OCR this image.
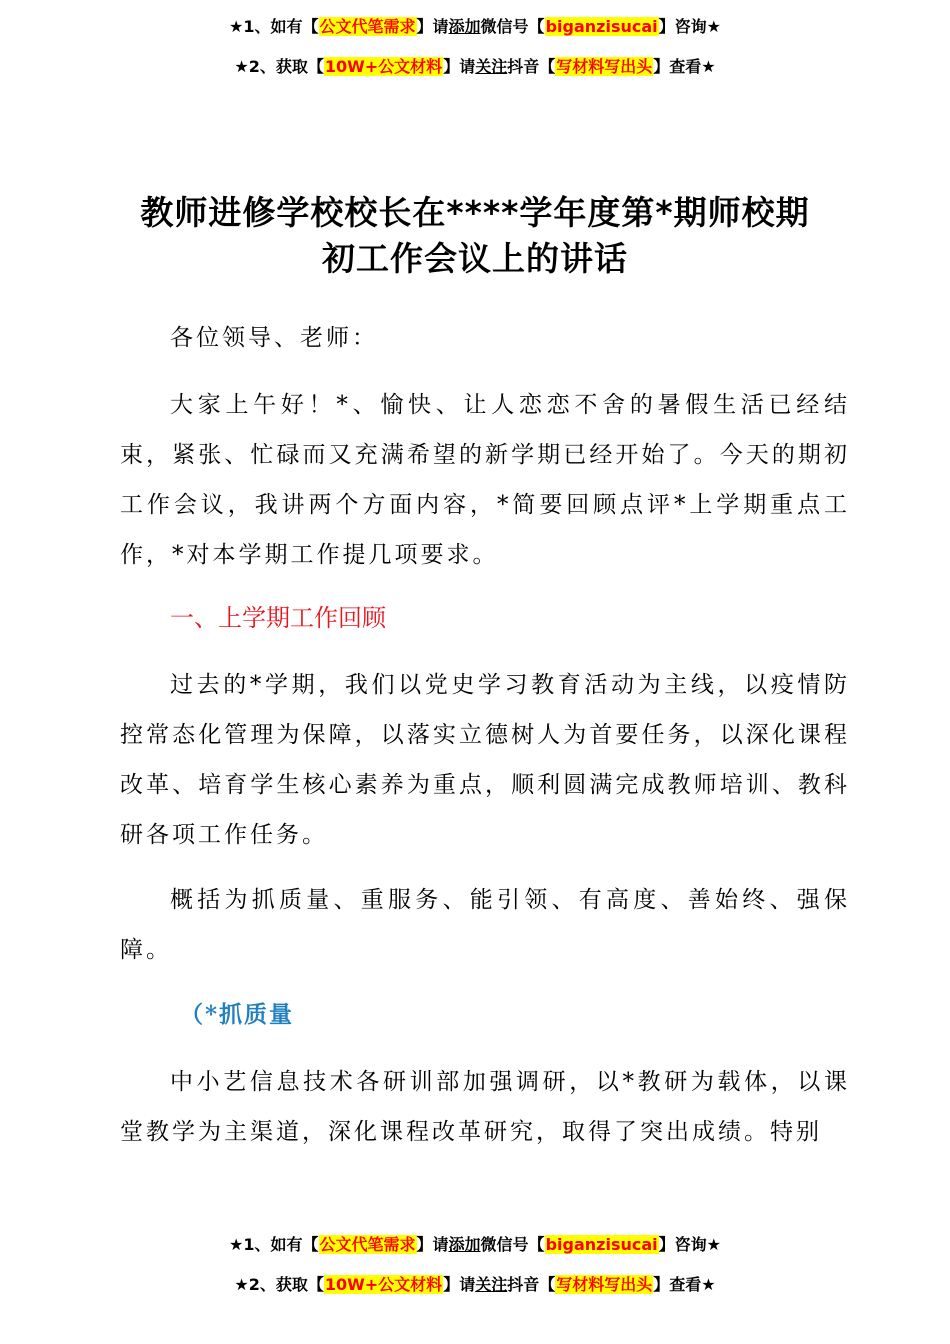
★1、如有【公文代笔需求】请添加微信号【biganzisucai】咨询★
★2、获取【10W+公文材料】请关注抖音【写材料写出头】查看★
教师进修学校校长在****学年度第*期师校期
初工作会议上的讲话

各位领导、老师：

大家上午好！*、愉快、让人恋恋不舍的暑假生活已经结束，紧张、忙碌而又充满希望的新学期已经开始了。今天的期初工作会议，我讲两个方面内容，*简要回顾点评*上学期重点工作，*对本学期工作提几项要求。

一、上学期工作回顾

过去的*学期，我们以党史学习教育活动为主线，以疫情防控常态化管理为保障，以落实立德树人为首要任务，以深化课程改革、培育学生核心素养为重点，顺利圆满完成教师培训、教科研各项工作任务。

概括为抓质量、重服务、能引领、有高度、善始终、强保障。

（*抓质量

中小艺信息技术各研训部加强调研，以*教研为载体，以课堂教学为主渠道，深化课程改革研究，取得了突出成绩。特别

★1、如有【公文代笔需求】请添加微信号【biganzisucai】咨询★
★2、获取【10W+公文材料】请关注抖音【写材料写出头】查看★
